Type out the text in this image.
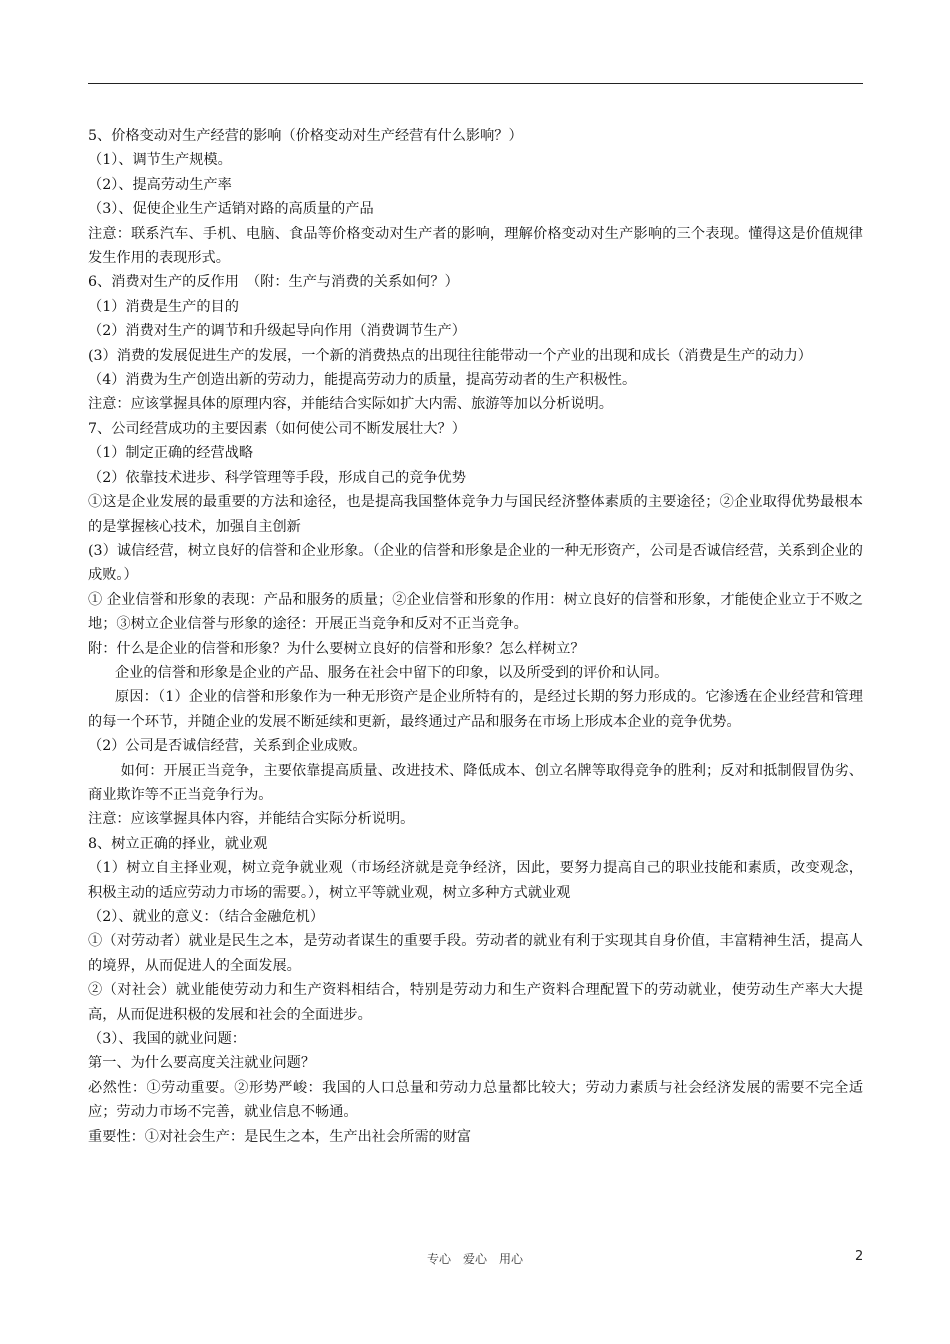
5、价格变动对生产经营的影响（价格变动对生产经营有什么影响？）

（1）、调节生产规模。

（2）、提高劳动生产率

（3）、促使企业生产适销对路的高质量的产品

注意：联系汽车、手机、电脑、食品等价格变动对生产者的影响，理解价格变动对生产影响的三个表现。懂得这是价值规律发生作用的表现形式。

6、消费对生产的反作用　（附：生产与消费的关系如何？）

（1）消费是生产的目的

（2）消费对生产的调节和升级起导向作用（消费调节生产）

(3）消费的发展促进生产的发展，一个新的消费热点的出现往往能带动一个产业的出现和成长（消费是生产的动力）

（4）消费为生产创造出新的劳动力，能提高劳动力的质量，提高劳动者的生产积极性。

注意：应该掌握具体的原理内容，并能结合实际如扩大内需、旅游等加以分析说明。

7、公司经营成功的主要因素（如何使公司不断发展壮大？）

（1）制定正确的经营战略

（2）依靠技术进步、科学管理等手段，形成自己的竞争优势

①这是企业发展的最重要的方法和途径，也是提高我国整体竞争力与国民经济整体素质的主要途径；②企业取得优势最根本的是掌握核心技术，加强自主创新

(3）诚信经营，树立良好的信誉和企业形象。（企业的信誉和形象是企业的一种无形资产，公司是否诚信经营，关系到企业的成败。）

① 企业信誉和形象的表现：产品和服务的质量；②企业信誉和形象的作用：树立良好的信誉和形象，才能使企业立于不败之地；③树立企业信誉与形象的途径：开展正当竞争和反对不正当竞争。

附：什么是企业的信誉和形象？为什么要树立良好的信誉和形象？怎么样树立？

企业的信誉和形象是企业的产品、服务在社会中留下的印象，以及所受到的评价和认同。

原因：（1）企业的信誉和形象作为一种无形资产是企业所特有的，是经过长期的努力形成的。它渗透在企业经营和管理的每一个环节，并随企业的发展不断延续和更新，最终通过产品和服务在市场上形成本企业的竞争优势。

（2）公司是否诚信经营，关系到企业成败。

如何：开展正当竞争，主要依靠提高质量、改进技术、降低成本、创立名牌等取得竞争的胜利；反对和抵制假冒伪劣、商业欺诈等不正当竞争行为。

注意：应该掌握具体内容，并能结合实际分析说明。

8、树立正确的择业，就业观

（1）树立自主择业观，树立竞争就业观（市场经济就是竞争经济，因此，要努力提高自己的职业技能和素质，改变观念，积极主动的适应劳动力市场的需要。），树立平等就业观，树立多种方式就业观

（2）、就业的意义：（结合金融危机）

①（对劳动者）就业是民生之本，是劳动者谋生的重要手段。劳动者的就业有利于实现其自身价值，丰富精神生活，提高人的境界，从而促进人的全面发展。

②（对社会）就业能使劳动力和生产资料相结合，特别是劳动力和生产资料合理配置下的劳动就业，使劳动生产率大大提高，从而促进积极的发展和社会的全面进步。

（3）、我国的就业问题：

第一、为什么要高度关注就业问题？

必然性：①劳动重要。②形势严峻：我国的人口总量和劳动力总量都比较大；劳动力素质与社会经济发展的需要不完全适应；劳动力市场不完善，就业信息不畅通。

重要性：①对社会生产：是民生之本，生产出社会所需的财富

专心　爱心　用心	2
